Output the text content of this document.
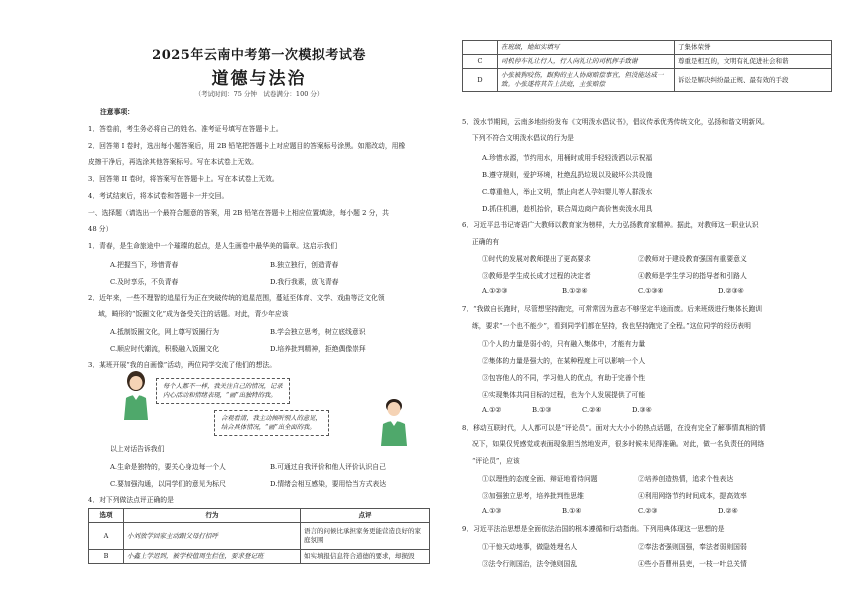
2025年云南中考第一次模拟考试卷
道德与法治
（考试时间：75 分钟　试卷满分：100 分）
注意事项：
1．答卷前，考生务必将自己的姓名、准考证号填写在答题卡上。
2．回答第 I 卷时，选出每小题答案后，用 2B 铅笔把答题卡上对应题目的答案标号涂黑。如需改动，用橡
皮擦干净后，再选涂其他答案标号。写在本试卷上无效。
3．回答第 II 卷时，将答案写在答题卡上。写在本试卷上无效。
4．考试结束后，将本试卷和答题卡一并交回。
一、选择题（请选出一个最符合题意的答案，用 2B 铅笔在答题卡上相应位置填涂，每小题 2 分，共
48 分）
1．青春，是生命旅途中一个璀璨的起点，是人生画卷中最华美的篇章。这启示我们
A.把握当下，珍惜青春	B.独立独行，创造青春
C.及时享乐，不负青春	D.我行我素，放飞青春
2．近年来，一些不理智的追星行为正在突破传统的追星范围，蔓延至体育、文学、戏曲等泛文化领
域，畸形的“饭圈文化”成为备受关注的话题。对此，青少年应该
A.抵制饭圈文化，网上尊写饭圈行为	B.学会独立思考，树立底线意识
C.顺应时代潮流，积极融入饭圈文化	D.培养批判精神，拒绝偶像崇拜
3．某班开展“我的自画像”活动，两位同学交流了他们的想法。
每个人都不一样，我关注自己的情况，记录
内心活动和情绪表现，“画”出独特的我。
合观看清，我主动倾听别人的意见，
结合具体情况，“画”出全面的我。
以上对话告诉我们
A.生命是独特的，要关心身边每一个人	B.可通过自我评价和他人评价认识自己
C.要加强沟通，以同学们的意见为标尺	D.情绪会相互感染，要用恰当方式表达
4．对下列做法点评正确的是
选项	行为	点评
A	小刘放学回家主动跟父母打招呼	语言的问候比承担家务更能营造良好的家庭氛围
B	小鑫上学迟到，被学校值周生拦住，要求登记班	如实填报信息符合道德的要求，却损毁
	在班级，她如实填写	了集体荣誉
C	司机停车礼让行人，行人向礼让的司机挥手致谢	尊重是相互的，文明有礼促进社会和谐
D	小张被狗咬伤，跟狗的主人协商赔偿事宜，但没能达成一致。小张遂将其告上法庭，主张赔偿	诉讼是解决纠纷最正规、最有效的手段
5．泼水节期间，云南多地纷纷发布《文明泼水倡议书》，倡议传承优秀传统文化，弘扬和谐文明新风。
下列不符合文明泼水倡议的行为是
A.珍惜水源，节约用水，用桶时或用手轻轻泼洒以示祝福
B.遵守规则，爱护环境，杜绝乱扔垃圾以及破坏公共设施
C.尊重他人，举止文明，禁止向老人孕妇婴儿等人群泼水
D.抓住机遇，趁机抬价，联合周边商户高价售卖泼水用具
6．习近平总书记寄语广大教师以教育家为榜样，大力弘扬教育家精神。据此，对教师这一职业认识
正确的有
①时代的发展对教师提出了更高要求	②教师对于建设教育强国有重要意义
③教师是学生成长成才过程的决定者	④教师是学生学习的指导者和引路人
A.①②③	B.①②④	C.①③④	D.②③④
7．“我做自长跑时，尽管想坚持跑完，可常常因为意志不够坚定半途而废。后来班级进行集体长跑训
练，要求“一个也不能少”，看到同学们都在坚持，我也坚持跑完了全程。”这位同学的经历表明
①个人的力量是弱小的，只有融入集体中，才能有力量
②集体的力量是强大的，在某种程度上可以影响一个人
③包容他人的不同，学习他人的优点，有助于完善个性
④实现集体共同目标的过程，也为个人发展提供了可能
A.①②	B.①③	C.②④	D.③④
8．移动互联时代，人人都可以是“评论员”。面对大大小小的热点话题，在没有完全了解事情真相的情
况下，如果仅凭感觉或表面现象胆当然地发声，很多时候未见得准确。对此，做一名负责任的网络
“评论员”，应该
①以理性的态度全面、辩证地看待问题	②培养创造热情，追求个性表达
③加强独立思考，培养批判性思维	④利用网络节约时间成本，提高效率
A.①③	B.①④	C.②③	D.②④
9．习近平法治思想是全面依法治国的根本遵循和行动指南。下列用典体现这一思想的是
①干惊天动地事，做隐姓埋名人	②奉法者强则国强，奉法者弱则国弱
③法令行则国治，法令弛则国乱	④些小吾曹州县吏，一枝一叶总关情
